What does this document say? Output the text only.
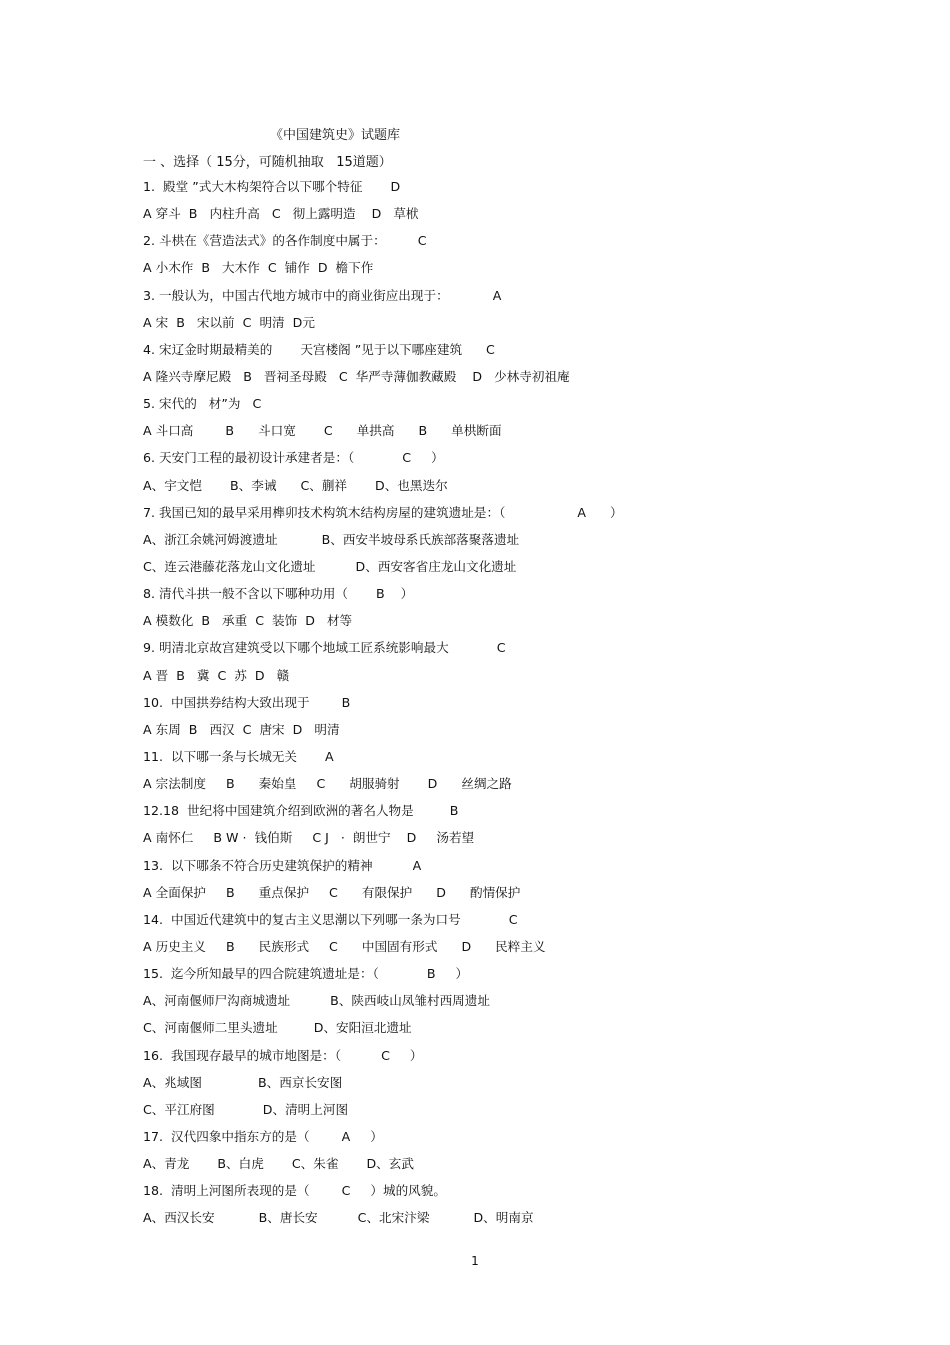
《中国建筑史》试题库
一 、选择（ 15分，可随机抽取   15道题）
1.  殿堂 ”式大木构架符合以下哪个特征       D
A 穿斗  B   内柱升高   C   彻上露明造    D   草栿
2. 斗栱在《营造法式》的各作制度中属于：        C
A 小木作  B   大木作  C  铺作  D  檐下作
3. 一般认为，中国古代地方城市中的商业街应出现于：           A
A 宋  B   宋以前  C  明清  D元
4. 宋辽金时期最精美的       天宫楼阁 ”见于以下哪座建筑      C
A 隆兴寺摩尼殿   B   晋祠圣母殿   C  华严寺薄伽教藏殿    D   少林寺初祖庵
5. 宋代的   材”为   C
A 斗口高        B      斗口宽       C      单拱高      B      单栱断面
6. 天安门工程的最初设计承建者是：（            C     ）
A、宇文恺       B、李诫      C、蒯祥       D、也黑迭尔
7. 我国已知的最早采用榫卯技术构筑木结构房屋的建筑遗址是：（                  A      ）
A、浙江余姚河姆渡遗址           B、西安半坡母系氏族部落聚落遗址
C、连云港藤花落龙山文化遗址          D、西安客省庄龙山文化遗址
8. 清代斗拱一般不含以下哪种功用（       B    ）
A 模数化  B   承重  C  装饰  D   材等
9. 明清北京故宫建筑受以下哪个地域工匠系统影响最大            C
A 晋  B   冀  C  苏  D   赣
10.  中国拱券结构大致出现于        B
A 东周  B   西汉  C  唐宋  D   明清
11.  以下哪一条与长城无关       A
A 宗法制度     B      秦始皇     C      胡服骑射       D      丝绸之路
12.18  世纪将中国建筑介绍到欧洲的著名人物是         B
A 南怀仁     B W ·  钱伯斯     C J   ·  朗世宁    D     汤若望
13.  以下哪条不符合历史建筑保护的精神          A
A 全面保护     B      重点保护     C      有限保护      D      酌情保护
14.  中国近代建筑中的复古主义思潮以下列哪一条为口号            C
A 历史主义     B      民族形式     C      中国固有形式      D      民粹主义
15.  迄今所知最早的四合院建筑遗址是：（            B     ）
A、河南偃师尸沟商城遗址          B、陕西岐山凤雏村西周遗址
C、河南偃师二里头遗址         D、安阳洹北遗址
16.  我国现存最早的城市地图是：（          C     ）
A、兆域图              B、西京长安图
C、平江府图            D、清明上河图
17.  汉代四象中指东方的是（        A     ）
A、青龙       B、白虎       C、朱雀       D、玄武
18.  清明上河图所表现的是（        C     ）城的风貌。
A、西汉长安           B、唐长安          C、北宋汴梁           D、明南京
1
